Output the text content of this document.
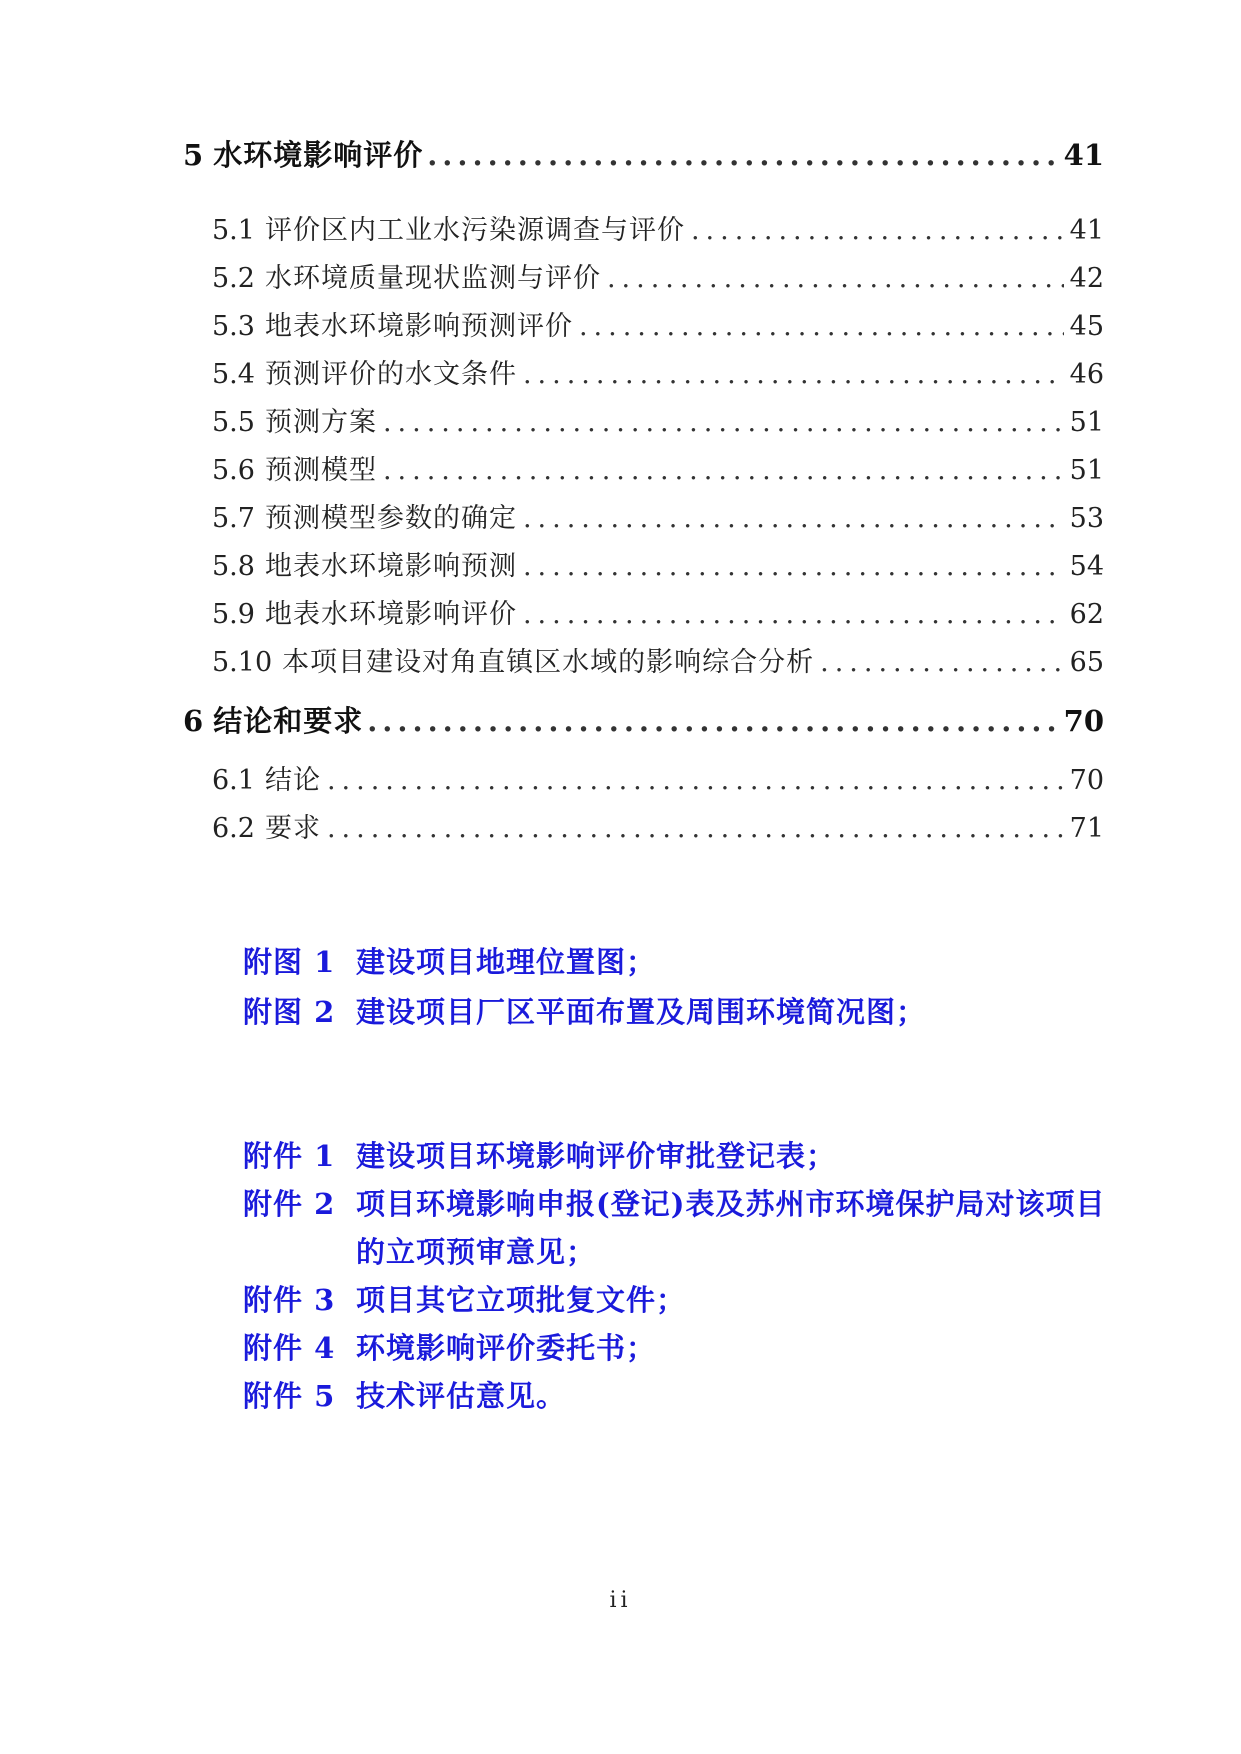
5 水环境影响评价 .....	41
5.1 评价区内工业水污染源调查与评价 .....	41
5.2 水环境质量现状监测与评价 .....	42
5.3 地表水环境影响预测评价 .....	45
5.4 预测评价的水文条件 .....	46
5.5 预测方案 .....	51
5.6 预测模型 .....	51
5.7 预测模型参数的确定 .....	53
5.8 地表水环境影响预测 .....	54
5.9 地表水环境影响评价 .....	62
5.10 本项目建设对角直镇区水域的影响综合分析 .....	65
6 结论和要求 .....	70
6.1 结论 .....	70
6.2 要求 .....	71
附图 1 建设项目地理位置图；
附图 2 建设项目厂区平面布置及周围环境简况图；
附件 1 建设项目环境影响评价审批登记表；
附件 2 项目环境影响申报(登记)表及苏州市环境保护局对该项目
的立项预审意见；
附件 3 项目其它立项批复文件；
附件 4 环境影响评价委托书；
附件 5 技术评估意见。
ii
